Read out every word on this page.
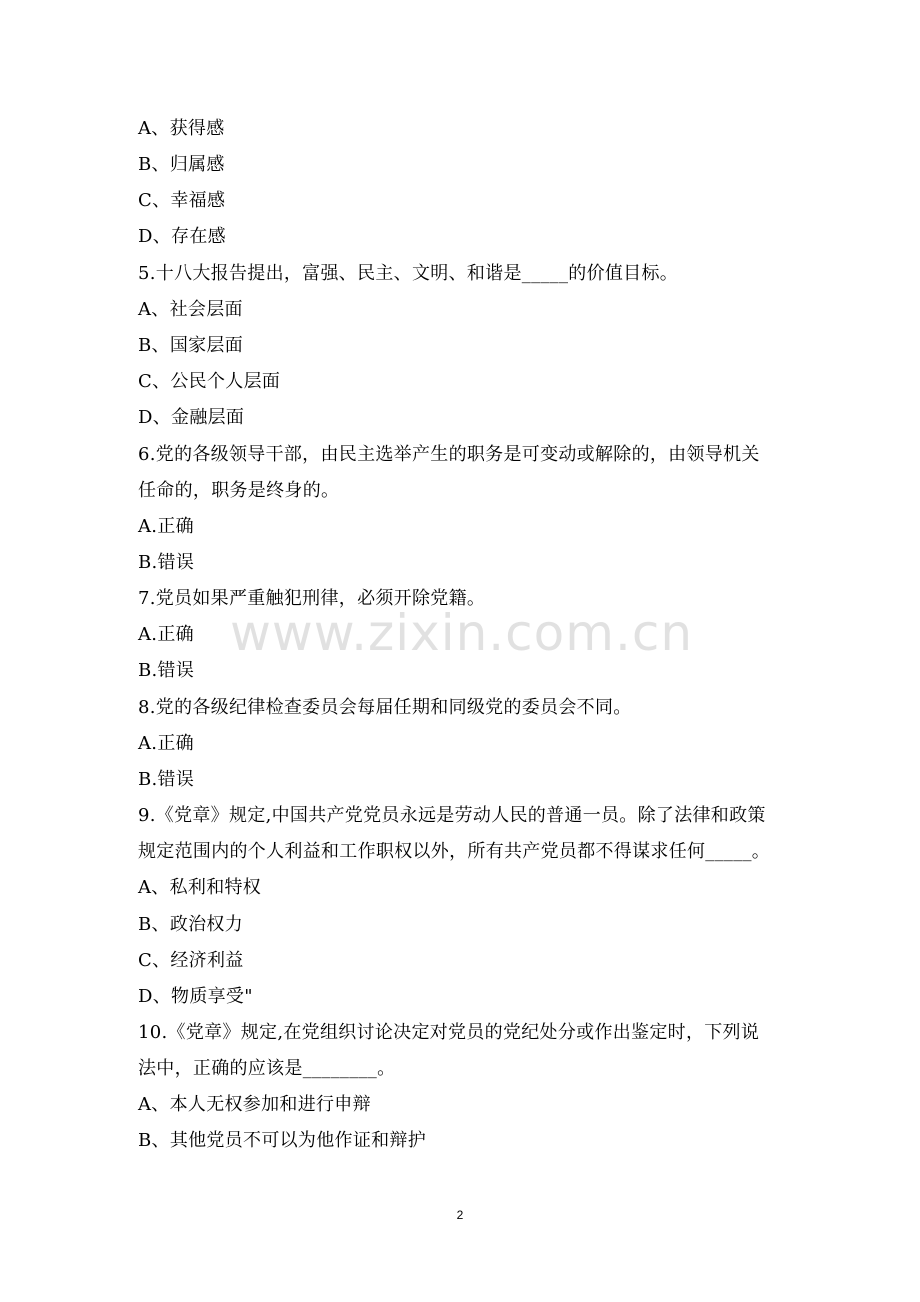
A、获得感
B、归属感
C、幸福感
D、存在感
5.十八大报告提出，富强、民主、文明、和谐是_____的价值目标。
A、社会层面
B、国家层面
C、公民个人层面
D、金融层面
6.党的各级领导干部，由民主选举产生的职务是可变动或解除的，由领导机关
任命的，职务是终身的。
A.正确
B.错误
7.党员如果严重触犯刑律，必须开除党籍。
A.正确
B.错误
8.党的各级纪律检查委员会每届任期和同级党的委员会不同。
A.正确
B.错误
9.《党章》规定,中国共产党党员永远是劳动人民的普通一员。除了法律和政策
规定范围内的个人利益和工作职权以外，所有共产党员都不得谋求任何_____。
A、私利和特权
B、政治权力
C、经济利益
D、物质享受"
10.《党章》规定,在党组织讨论决定对党员的党纪处分或作出鉴定时，下列说
法中，正确的应该是________。
A、本人无权参加和进行申辩
B、其他党员不可以为他作证和辩护
www.zixin.com.cn
2
